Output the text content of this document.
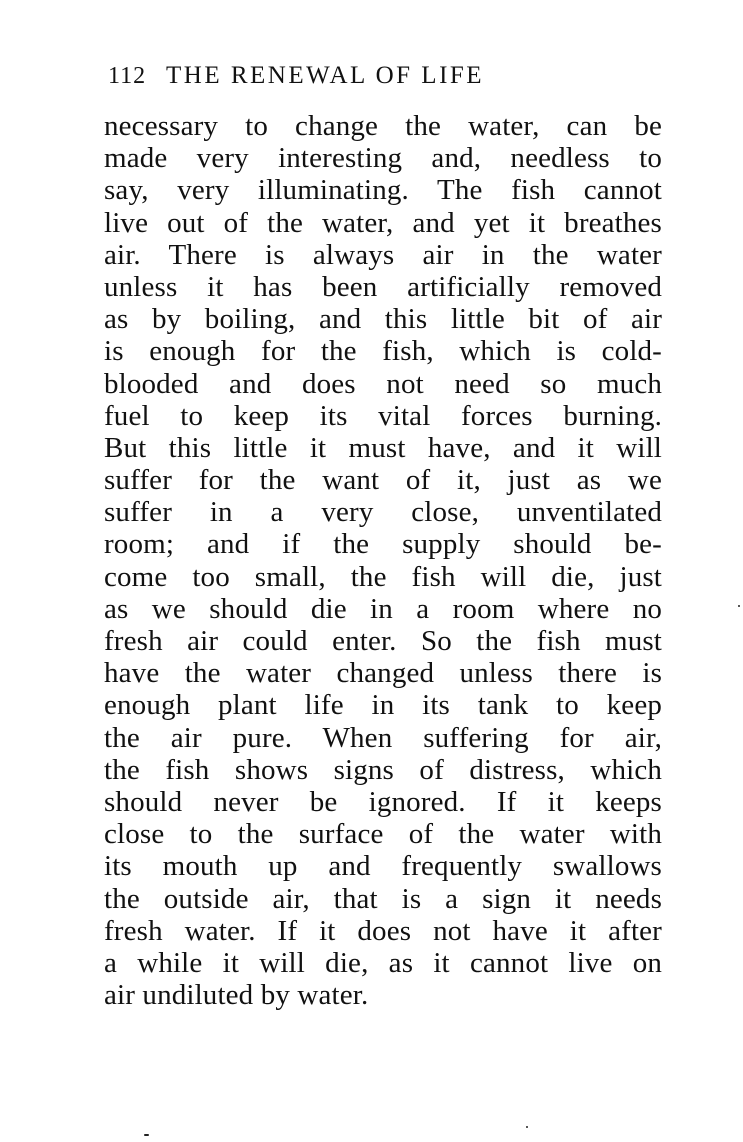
112 THE RENEWAL OF LIFE
necessary to change the water, can be
made very interesting and, needless to
say, very illuminating. The fish cannot
live out of the water, and yet it breathes
air. There is always air in the water
unless it has been artificially removed
as by boiling, and this little bit of air
is enough for the fish, which is cold-
blooded and does not need so much
fuel to keep its vital forces burning.
But this little it must have, and it will
suffer for the want of it, just as we
suffer in a very close, unventilated
room; and if the supply should be-
come too small, the fish will die, just
as we should die in a room where no
fresh air could enter. So the fish must
have the water changed unless there is
enough plant life in its tank to keep
the air pure. When suffering for air,
the fish shows signs of distress, which
should never be ignored. If it keeps
close to the surface of the water with
its mouth up and frequently swallows
the outside air, that is a sign it needs
fresh water. If it does not have it after
a while it will die, as it cannot live on
air undiluted by water.
